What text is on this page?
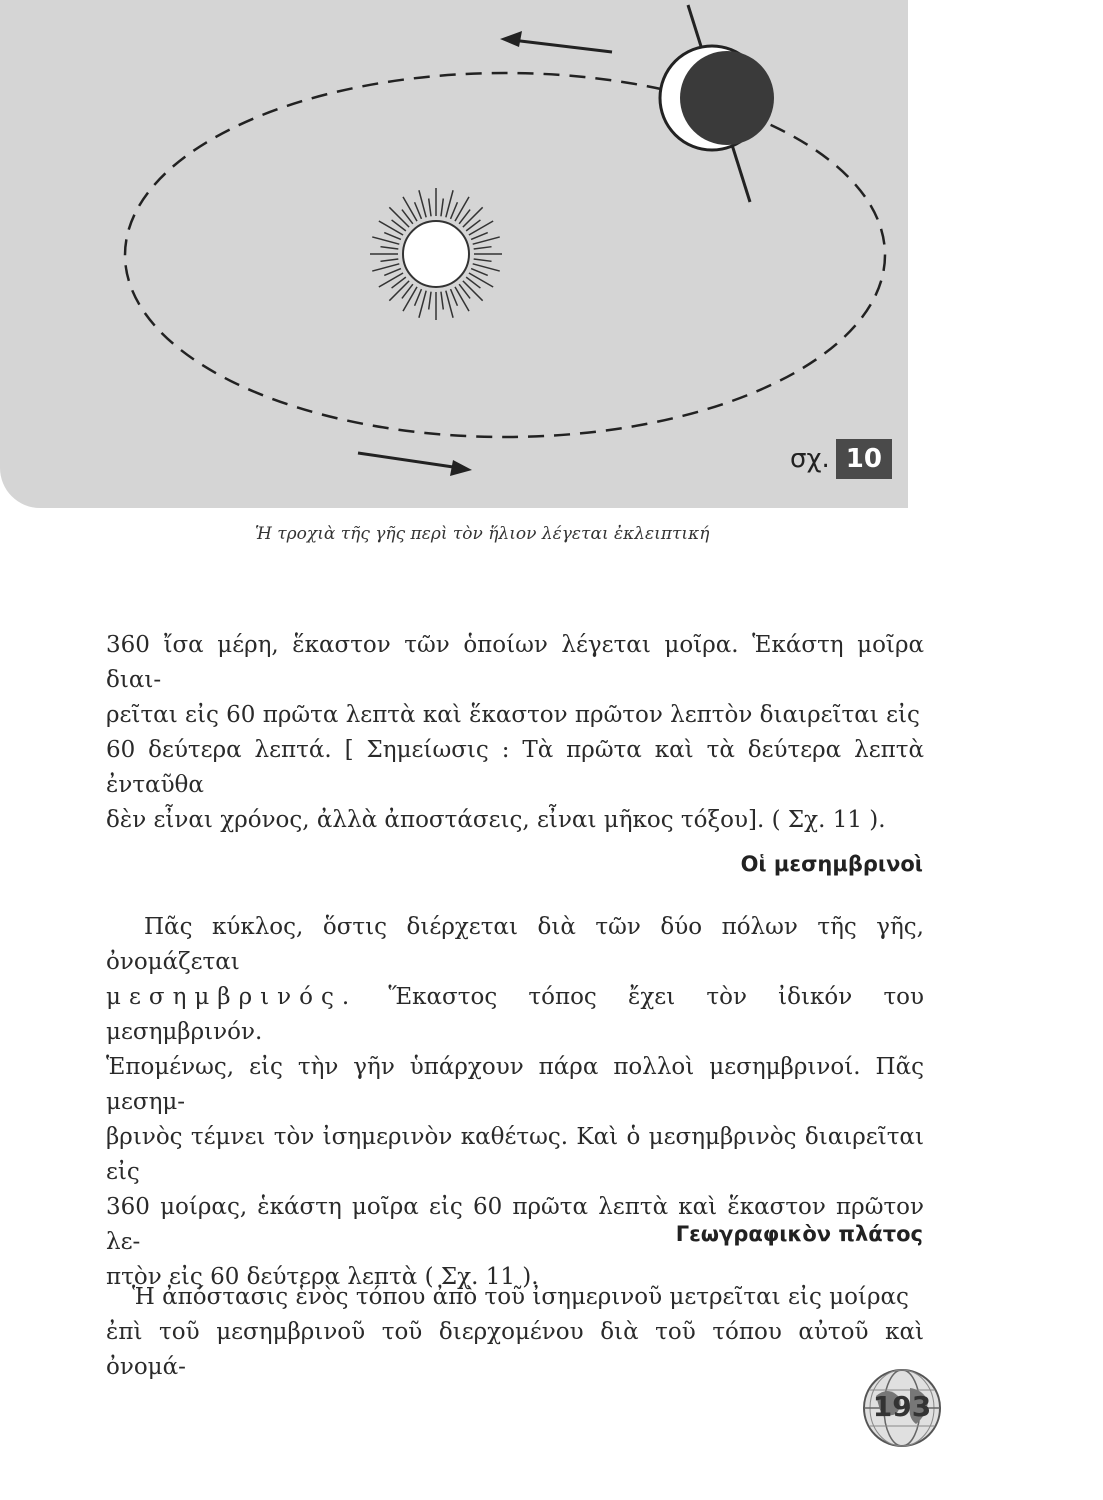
σχ. 10
Ἡ τροχιὰ τῆς γῆς περὶ τὸν ἥλιον λέγεται ἐκλειπτική

360 ἴσα μέρη, ἕκαστον τῶν ὁποίων λέγεται μοῖρα. Ἑκάστη μοῖρα διαι-

ρεῖται εἰς 60 πρῶτα λεπτὰ καὶ ἕκαστον πρῶτον λεπτὸν διαιρεῖται εἰς

60 δεύτερα λεπτά. [ Σημείωσις : Τὰ πρῶτα καὶ τὰ δεύτερα λεπτὰ ἐνταῦθα

δὲν εἶναι χρόνος, ἀλλὰ ἀποστάσεις, εἶναι μῆκος τόξου]. ( Σχ. 11 ).

Οἱ μεσημβρινοὶ

Πᾶς κύκλος, ὅστις διέρχεται διὰ τῶν δύο πόλων τῆς γῆς, ὀνομάζεται

μεσημβρινός. Ἕκαστος τόπος ἔχει τὸν ἰδικόν του μεσημβρινόν.

Ἑπομένως, εἰς τὴν γῆν ὑπάρχουν πάρα πολλοὶ μεσημβρινοί. Πᾶς μεσημ-

βρινὸς τέμνει τὸν ἰσημερινὸν καθέτως. Καὶ ὁ μεσημβρινὸς διαιρεῖται εἰς

360 μοίρας, ἑκάστη μοῖρα εἰς 60 πρῶτα λεπτὰ καὶ ἕκαστον πρῶτον λε-

πτὸν εἰς 60 δεύτερα λεπτὰ ( Σχ. 11 ).

Γεωγραφικὸν πλάτος

Ἡ ἀπόστασις ἑνὸς τόπου ἀπὸ τοῦ ἰσημερινοῦ μετρεῖται εἰς μοίρας

ἐπὶ τοῦ μεσημβρινοῦ τοῦ διερχομένου διὰ τοῦ τόπου αὐτοῦ καὶ ὀνομά-

193
